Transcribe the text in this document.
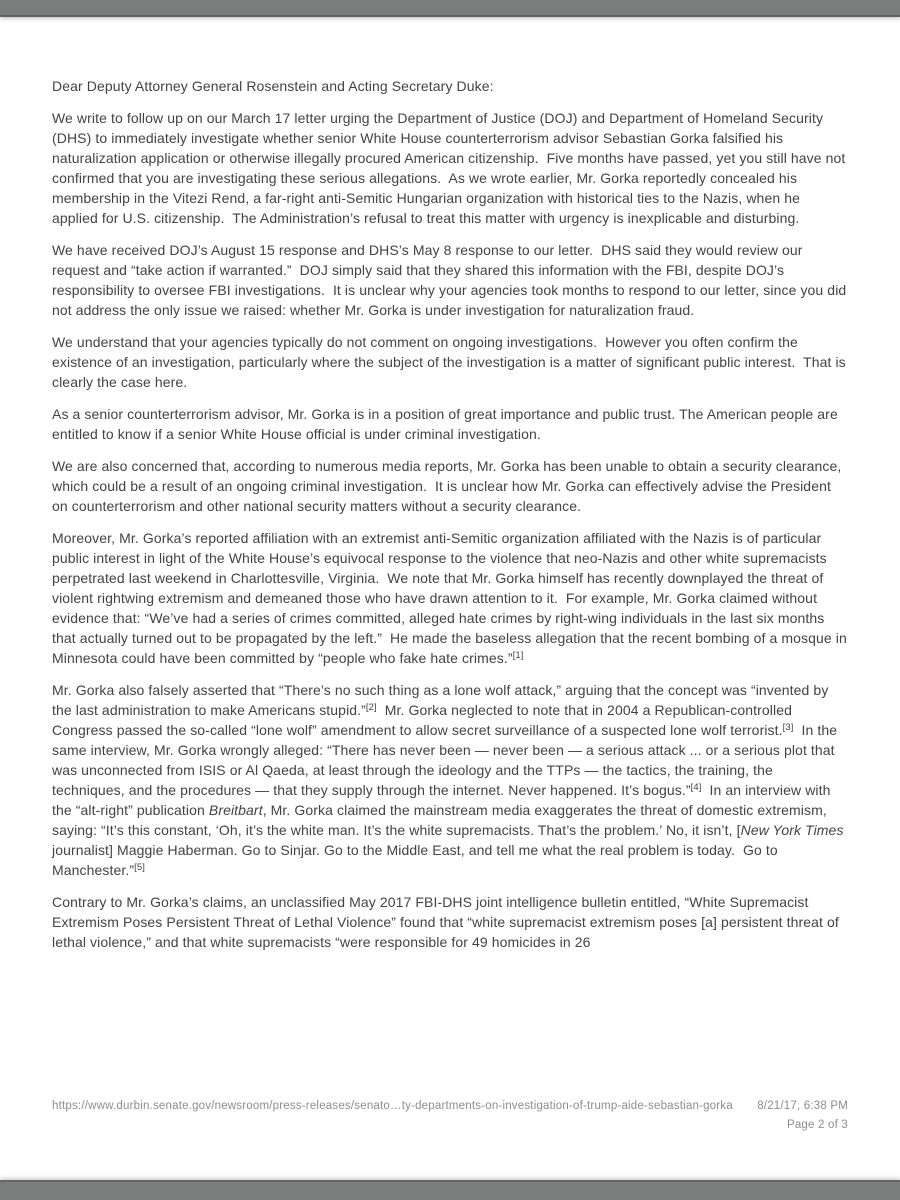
Dear Deputy Attorney General Rosenstein and Acting Secretary Duke:

We write to follow up on our March 17 letter urging the Department of Justice (DOJ) and Department of Homeland Security (DHS) to immediately investigate whether senior White House counterterrorism advisor Sebastian Gorka falsified his naturalization application or otherwise illegally procured American citizenship.  Five months have passed, yet you still have not confirmed that you are investigating these serious allegations.  As we wrote earlier, Mr. Gorka reportedly concealed his membership in the Vitezi Rend, a far-right anti-Semitic Hungarian organization with historical ties to the Nazis, when he applied for U.S. citizenship.  The Administration’s refusal to treat this matter with urgency is inexplicable and disturbing.

We have received DOJ’s August 15 response and DHS’s May 8 response to our letter.  DHS said they would review our request and “take action if warranted.”  DOJ simply said that they shared this information with the FBI, despite DOJ’s responsibility to oversee FBI investigations.  It is unclear why your agencies took months to respond to our letter, since you did not address the only issue we raised: whether Mr. Gorka is under investigation for naturalization fraud.

We understand that your agencies typically do not comment on ongoing investigations.  However you often confirm the existence of an investigation, particularly where the subject of the investigation is a matter of significant public interest.  That is clearly the case here.

As a senior counterterrorism advisor, Mr. Gorka is in a position of great importance and public trust. The American people are entitled to know if a senior White House official is under criminal investigation.

We are also concerned that, according to numerous media reports, Mr. Gorka has been unable to obtain a security clearance, which could be a result of an ongoing criminal investigation.  It is unclear how Mr. Gorka can effectively advise the President on counterterrorism and other national security matters without a security clearance.

Moreover, Mr. Gorka’s reported affiliation with an extremist anti-Semitic organization affiliated with the Nazis is of particular public interest in light of the White House’s equivocal response to the violence that neo-Nazis and other white supremacists perpetrated last weekend in Charlottesville, Virginia.  We note that Mr. Gorka himself has recently downplayed the threat of violent rightwing extremism and demeaned those who have drawn attention to it.  For example, Mr. Gorka claimed without evidence that: “We’ve had a series of crimes committed, alleged hate crimes by right-wing individuals in the last six months that actually turned out to be propagated by the left.”  He made the baseless allegation that the recent bombing of a mosque in Minnesota could have been committed by “people who fake hate crimes.”[1]

Mr. Gorka also falsely asserted that “There’s no such thing as a lone wolf attack,” arguing that the concept was “invented by the last administration to make Americans stupid.”[2]  Mr. Gorka neglected to note that in 2004 a Republican-controlled Congress passed the so-called “lone wolf” amendment to allow secret surveillance of a suspected lone wolf terrorist.[3]  In the same interview, Mr. Gorka wrongly alleged: “There has never been — never been — a serious attack ... or a serious plot that was unconnected from ISIS or Al Qaeda, at least through the ideology and the TTPs — the tactics, the training, the techniques, and the procedures — that they supply through the internet. Never happened. It’s bogus.”[4]  In an interview with the “alt-right” publication Breitbart, Mr. Gorka claimed the mainstream media exaggerates the threat of domestic extremism, saying: “It’s this constant, ‘Oh, it’s the white man. It’s the white supremacists. That’s the problem.’ No, it isn’t, [New York Times journalist] Maggie Haberman. Go to Sinjar. Go to the Middle East, and tell me what the real problem is today.  Go to Manchester.”[5]

Contrary to Mr. Gorka’s claims, an unclassified May 2017 FBI-DHS joint intelligence bulletin entitled, “White Supremacist Extremism Poses Persistent Threat of Lethal Violence” found that “white supremacist extremism poses [a] persistent threat of lethal violence,” and that white supremacists “were responsible for 49 homicides in 26

https://www.durbin.senate.gov/newsroom/press-releases/senato…ty-departments-on-investigation-of-trump-aide-sebastian-gorka	8/21/17, 6:38 PM
Page 2 of 3
